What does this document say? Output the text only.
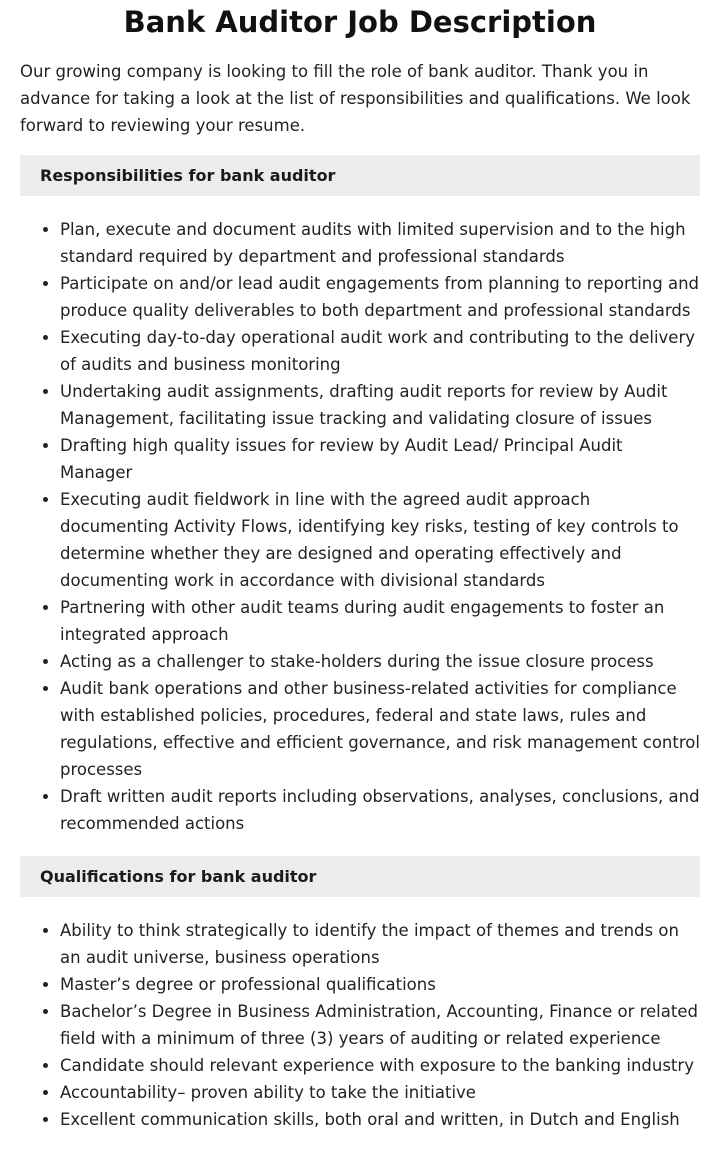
Bank Auditor Job Description

Our growing company is looking to fill the role of bank auditor. Thank you in advance for taking a look at the list of responsibilities and qualifications. We look forward to reviewing your resume.

Responsibilities for bank auditor
• Plan, execute and document audits with limited supervision and to the high standard required by department and professional standards
• Participate on and/or lead audit engagements from planning to reporting and produce quality deliverables to both department and professional standards
• Executing day-to-day operational audit work and contributing to the delivery of audits and business monitoring
• Undertaking audit assignments, drafting audit reports for review by Audit Management, facilitating issue tracking and validating closure of issues
• Drafting high quality issues for review by Audit Lead/ Principal Audit Manager
• Executing audit fieldwork in line with the agreed audit approach documenting Activity Flows, identifying key risks, testing of key controls to determine whether they are designed and operating effectively and documenting work in accordance with divisional standards
• Partnering with other audit teams during audit engagements to foster an integrated approach
• Acting as a challenger to stake-holders during the issue closure process
• Audit bank operations and other business-related activities for compliance with established policies, procedures, federal and state laws, rules and regulations, effective and efficient governance, and risk management control processes
• Draft written audit reports including observations, analyses, conclusions, and recommended actions
Qualifications for bank auditor
• Ability to think strategically to identify the impact of themes and trends on an audit universe, business operations
• Master’s degree or professional qualifications
• Bachelor’s Degree in Business Administration, Accounting, Finance or related field with a minimum of three (3) years of auditing or related experience
• Candidate should relevant experience with exposure to the banking industry
• Accountability– proven ability to take the initiative
• Excellent communication skills, both oral and written, in Dutch and English
